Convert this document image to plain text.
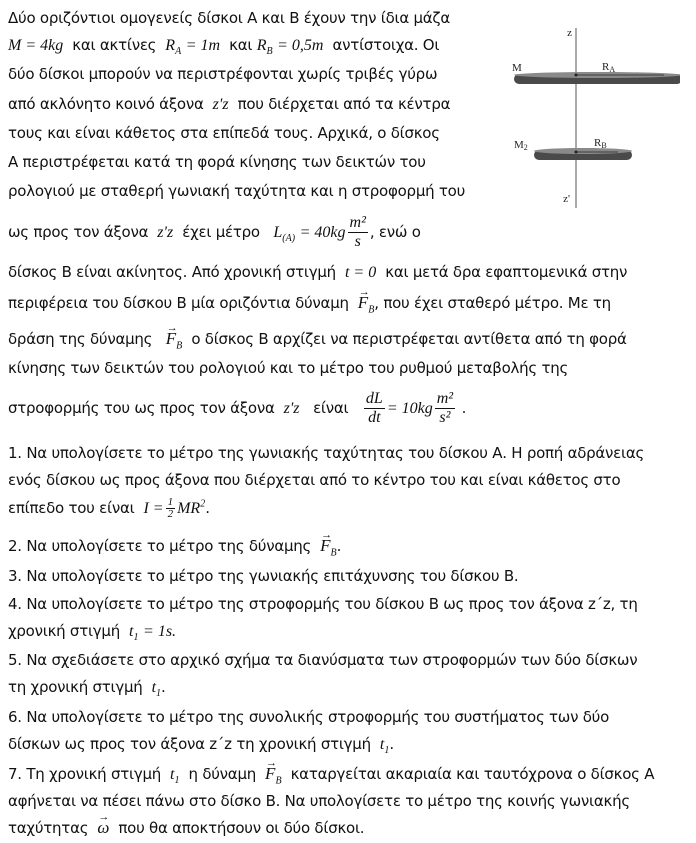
Δύο οριζόντιοι ομογενείς δίσκοι Α και Β έχουν την ίδια μάζα
M = 4kg και ακτίνες $R_A = 1m$ και $R_B = 0,5m$ αντίστοιχα. Οι
δύο δίσκοι μπορούν να περιστρέφονται χωρίς τριβές γύρω
από ακλόνητο κοινό άξονα z'z που διέρχεται από τα κέντρα
τους και είναι κάθετος στα επίπεδά τους. Αρχικά, ο δίσκος
Α περιστρέφεται κατά τη φορά κίνησης των δεικτών του
ρολογιού με σταθερή γωνιακή ταχύτητα και η στροφορμή του
ως προς τον άξονα z'z έχει μέτρο $L_{(A)} = 40kg \frac{\text{m²}}{s}$ , ενώ ο
δίσκος Β είναι ακίνητος. Από χρονική στιγμή t = 0 και μετά δρα εφαπτομενικά στην
περιφέρεια του δίσκου Β μία οριζόντια $\delta ύ\nu\alpha\mu\eta \to F_B$, που έχει σταθερό μέτρο. Με τη
δράση της $\delta ύ\nu\alpha\mu\eta\varsigma \to F_B$ ο δίσκος Β αρχίζει να περιστρέφεται αντίθετα από τη φορά
κίνησης των δεικτών του ρολογιού και το μέτρο του ρυθμού μεταβολής της
στροφορμής του ως προς τον άξονα z'z είναι $\frac{dL}{dt} = 10kg \frac{\text{m²}}{\text{s²}}$ .
1. Να υπολογίσετε το μέτρο της γωνιακής ταχύτητας του δίσκου Α. Η ροπή αδράνειας
ενός δίσκου ως προς άξονα που διέρχεται από το κέντρο του και είναι κάθετος στο
επίπεδο του είναι $I = \frac{1}{2} MR^2$.
2. Να υπολογίσετε το μέτρο της $\delta ύ\nu\alpha\mu\eta\varsigma \to F_B$.
3. Να υπολογίσετε το μέτρο της γωνιακής επιτάχυνσης του δίσκου Β.
4. Να υπολογίσετε το μέτρο της στροφορμής του δίσκου Β ως προς τον άξονα z΄z, τη
χρονική στιγμή $t_1 = 1s$.
5. Να σχεδιάσετε στο αρχικό σχήμα τα διανύσματα των στροφορμών των δύο δίσκων
τη χρονική στιγμή $t_1$.
6. Να υπολογίσετε το μέτρο της συνολικής στροφορμής του συστήματος των δύο
δίσκων ως προς τον άξονα z΄z τη χρονική στιγμή $t_1$.
7. Τη χρονική στιγμή $t_1$ η $\delta ύ\nu\alpha\mu\eta \to F_B$ καταργείται ακαριαία και ταυτόχρονα ο δίσκος Α
αφήνεται να πέσει πάνω στο δίσκο Β. Να υπολογίσετε το μέτρο της κοινής γωνιακής
ταχύτητας → ω που θα αποκτήσουν οι δύο δίσκοι.
z
z'
M	RA
M2	RB
